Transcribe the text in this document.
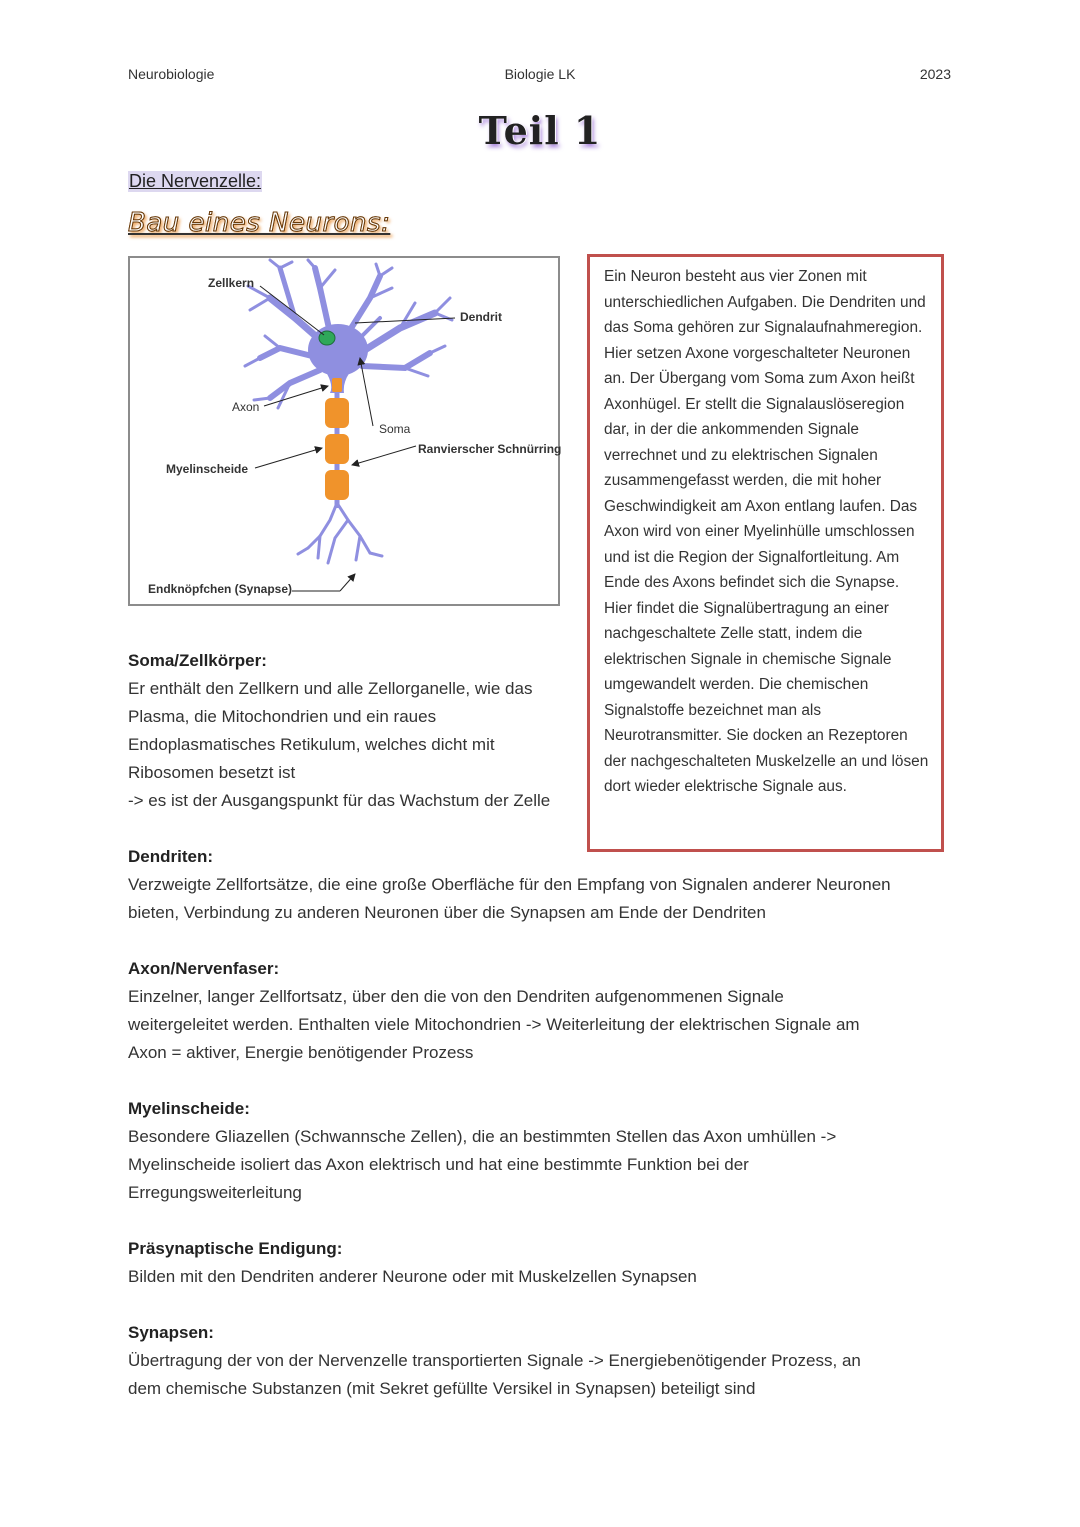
Neurobiologie	Biologie LK	2023
Teil 1
Die Nervenzelle:
Bau eines Neurons:
Zellkern
Dendrit
Axon
Soma
Ranvierscher Schnürring
Myelinscheide
Endknöpfchen (Synapse)
Ein Neuron besteht aus vier Zonen mit unterschiedlichen Aufgaben. Die Dendriten und das Soma gehören zur Signalaufnahmeregion. Hier setzen Axone vorgeschalteter Neuronen an. Der Übergang vom Soma zum Axon heißt Axonhügel. Er stellt die Signalauslöseregion dar, in der die ankommenden Signale verrechnet und zu elektrischen Signalen zusammengefasst werden, die mit hoher Geschwindigkeit am Axon entlang laufen. Das Axon wird von einer Myelinhülle umschlossen und ist die Region der Signalfortleitung. Am Ende des Axons befindet sich die Synapse. Hier findet die Signalübertragung an einer nachgeschaltete Zelle statt, indem die elektrischen Signale in chemische Signale umgewandelt werden. Die chemischen Signalstoffe bezeichnet man als Neurotransmitter. Sie docken an Rezeptoren der nachgeschalteten Muskelzelle an und lösen dort wieder elektrische Signale aus.
Soma/Zellkörper:
Er enthält den Zellkern und alle Zellorganelle, wie das
Plasma, die Mitochondrien und ein raues
Endoplasmatisches Retikulum, welches dicht mit
Ribosomen besetzt ist
-> es ist der Ausgangspunkt für das Wachstum der Zelle
Dendriten:
Verzweigte Zellfortsätze, die eine große Oberfläche für den Empfang von Signalen anderer Neuronen
bieten, Verbindung zu anderen Neuronen über die Synapsen am Ende der Dendriten
Axon/Nervenfaser:
Einzelner, langer Zellfortsatz, über den die von den Dendriten aufgenommenen Signale
weitergeleitet werden. Enthalten viele Mitochondrien -> Weiterleitung der elektrischen Signale am
Axon = aktiver, Energie benötigender Prozess
Myelinscheide:
Besondere Gliazellen (Schwannsche Zellen), die an bestimmten Stellen das Axon umhüllen ->
Myelinscheide isoliert das Axon elektrisch und hat eine bestimmte Funktion bei der
Erregungsweiterleitung
Präsynaptische Endigung:
Bilden mit den Dendriten anderer Neurone oder mit Muskelzellen Synapsen
Synapsen:
Übertragung der von der Nervenzelle transportierten Signale -> Energiebenötigender Prozess, an
dem chemische Substanzen (mit Sekret gefüllte Versikel in Synapsen) beteiligt sind
